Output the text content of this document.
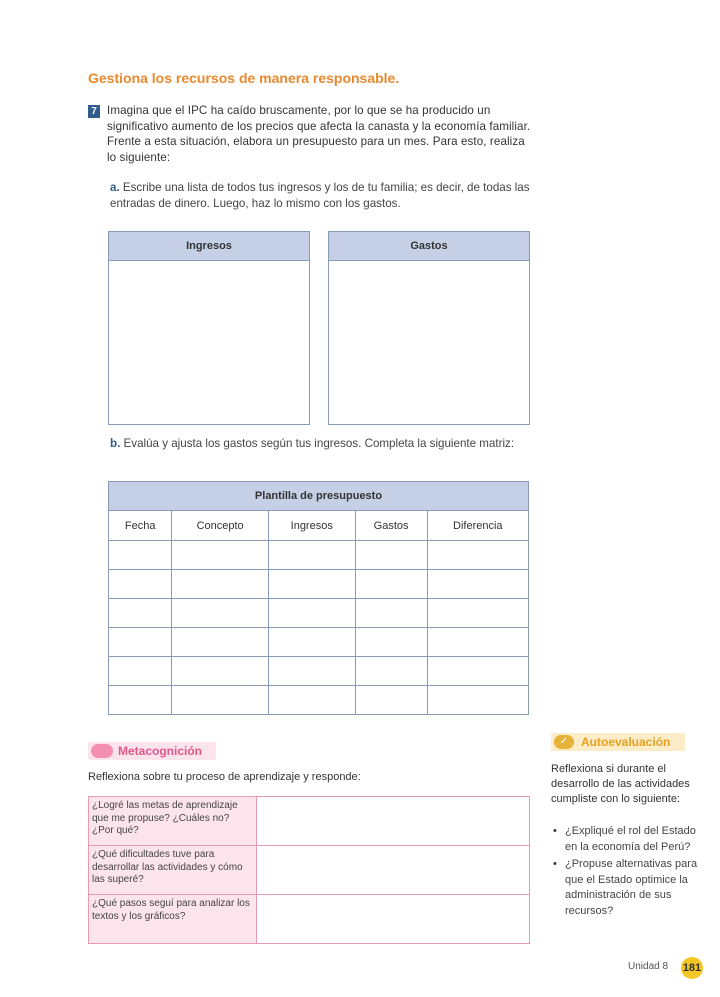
Gestiona los recursos de manera responsable.
7 Imagina que el IPC ha caído bruscamente, por lo que se ha producido un significativo aumento de los precios que afecta la canasta y la economía familiar. Frente a esta situación, elabora un presupuesto para un mes. Para esto, realiza lo siguiente:
a. Escribe una lista de todos tus ingresos y los de tu familia; es decir, de todas las entradas de dinero. Luego, haz lo mismo con los gastos.
Ingresos	Gastos
b. Evalúa y ajusta los gastos según tus ingresos. Completa la siguiente matriz:
Plantilla de presupuesto				
Fecha	Concepto	Ingresos	Gastos	Diferencia

Metacognición
Reflexiona sobre tu proceso de aprendizaje y responde:
¿Logré las metas de aprendizaje que me propuse? ¿Cuáles no? ¿Por qué?	
¿Qué dificultades tuve para desarrollar las actividades y cómo las superé?	
¿Qué pasos seguí para analizar los textos y los gráficos?	
✓	Autoevaluación
Reflexiona si durante el desarrollo de las actividades cumpliste con lo siguiente:
• ¿Expliqué el rol del Estado en la economía del Perú?
• ¿Propuse alternativas para que el Estado optimice la administración de sus recursos?
Unidad 8 181
